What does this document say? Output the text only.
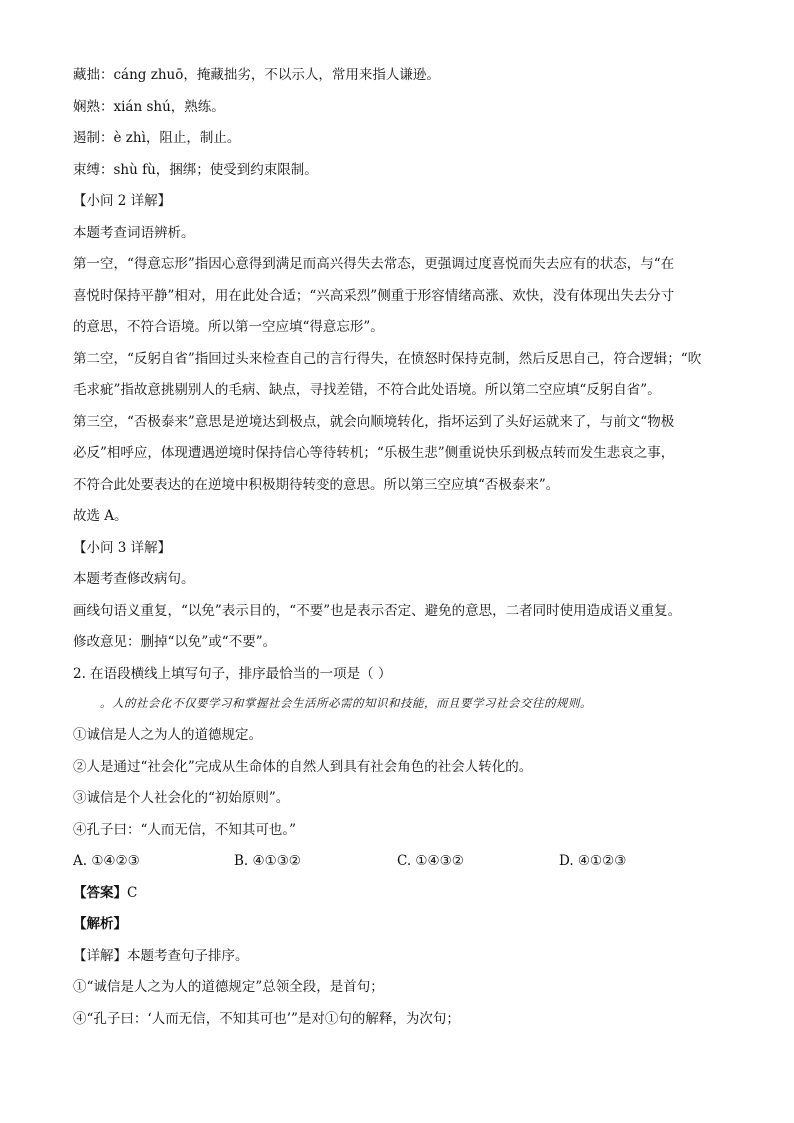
藏拙：cáng zhuō，掩藏拙劣，不以示人，常用来指人谦逊。

娴熟：xián shú，熟练。

遏制：è zhì，阻止，制止。

束缚：shù fù，捆绑；使受到约束限制。

【小问 2 详解】

本题考查词语辨析。

第一空，“得意忘形”指因心意得到满足而高兴得失去常态，更强调过度喜悦而失去应有的状态，与“在

喜悦时保持平静”相对，用在此处合适；“兴高采烈”侧重于形容情绪高涨、欢快，没有体现出失去分寸

的意思，不符合语境。所以第一空应填“得意忘形”。

第二空，“反躬自省”指回过头来检查自己的言行得失，在愤怒时保持克制，然后反思自己，符合逻辑；“吹

毛求疵”指故意挑剔别人的毛病、缺点，寻找差错，不符合此处语境。所以第二空应填“反躬自省”。

第三空，“否极泰来”意思是逆境达到极点，就会向顺境转化，指坏运到了头好运就来了，与前文“物极

必反”相呼应，体现遭遇逆境时保持信心等待转机；“乐极生悲”侧重说快乐到极点转而发生悲哀之事，

不符合此处要表达的在逆境中积极期待转变的意思。所以第三空应填“否极泰来”。

故选 A。

【小问 3 详解】

本题考查修改病句。

画线句语义重复，“以免”表示目的，“不要”也是表示否定、避免的意思，二者同时使用造成语义重复。

修改意见：删掉“以免”或“不要”。

2. 在语段横线上填写句子，排序最恰当的一项是（ ）

。人的社会化不仅要学习和掌握社会生活所必需的知识和技能，而且要学习社会交往的规则。

①诚信是人之为人的道德规定。

②人是通过“社会化”完成从生命体的自然人到具有社会角色的社会人转化的。

③诚信是个人社会化的“初始原则”。

④孔子曰：“人而无信，不知其可也。”

A. ①④②③	B. ④①③②	C. ①④③②	D. ④①②③

【答案】C

【解析】

【详解】本题考查句子排序。

①“诚信是人之为人的道德规定”总领全段，是首句；

④“孔子曰：‘人而无信，不知其可也’”是对①句的解释，为次句；
